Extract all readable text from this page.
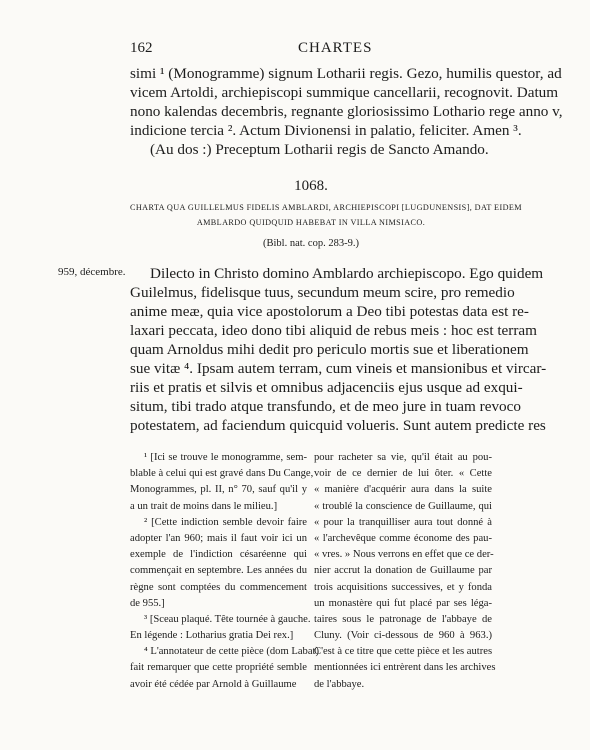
162	CHARTES
simi ¹ (Monogramme) signum Lotharii regis. Gezo, humilis questor, ad
vicem Artoldi, archiepiscopi summique cancellarii, recognovit. Datum
nono kalendas decembris, regnante gloriosissimo Lothario rege anno v,
indicione tercia ². Actum Divionensi in palatio, feliciter. Amen ³.
(Au dos :) Preceptum Lotharii regis de Sancto Amando.
1068.
CHARTA QUA GUILLELMUS FIDELIS AMBLARDI, ARCHIEPISCOPI [LUGDUNENSIS], DAT EIDEM
AMBLARDO QUIDQUID HABEBAT IN VILLA NIMSIACO.
(Bibl. nat. cop. 283-9.)
959, décembre. Dilecto in Christo domino Amblardo archiepiscopo. Ego quidem
Guilelmus, fidelisque tuus, secundum meum scire, pro remedio
anime meæ, quia vice apostolorum a Deo tibi potestas data est re-
laxari peccata, ideo dono tibi aliquid de rebus meis : hoc est terram
quam Arnoldus mihi dedit pro periculo mortis sue et liberationem
sue vitæ ⁴. Ipsam autem terram, cum vineis et mansionibus et vircar-
riis et pratis et silvis et omnibus adjacenciis ejus usque ad exqui-
situm, tibi trado atque transfundo, et de meo jure in tuam revoco
potestatem, ad faciendum quicquid volueris. Sunt autem predicte res
¹ [Ici se trouve le monogramme, sem-
blable à celui qui est gravé dans Du Cange,
Monogrammes, pl. II, n° 70, sauf qu'il y
a un trait de moins dans le milieu.]
² [Cette indiction semble devoir faire
adopter l'an 960; mais il faut voir ici un
exemple de l'indiction césaréenne qui
commençait en septembre. Les années du
règne sont comptées du commencement
de 955.]
³ [Sceau plaqué. Tête tournée à gauche.
En légende : Lotharius gratia Dei rex.]
⁴ L'annotateur de cette pièce (dom Labat)
fait remarquer que cette propriété semble
avoir été cédée par Arnold à Guillaume
pour racheter sa vie, qu'il était au pou-
voir de ce dernier de lui ôter. « Cette
« manière d'acquérir aura dans la suite
« troublé la conscience de Guillaume, qui
« pour la tranquilliser aura tout donné à
« l'archevêque comme économe des pau-
« vres. » Nous verrons en effet que ce der-
nier accrut la donation de Guillaume par
trois acquisitions successives, et y fonda
un monastère qui fut placé par ses léga-
taires sous le patronage de l'abbaye de
Cluny. (Voir ci-dessous de 960 à 963.)
C'est à ce titre que cette pièce et les autres
mentionnées ici entrèrent dans les archives
de l'abbaye.
